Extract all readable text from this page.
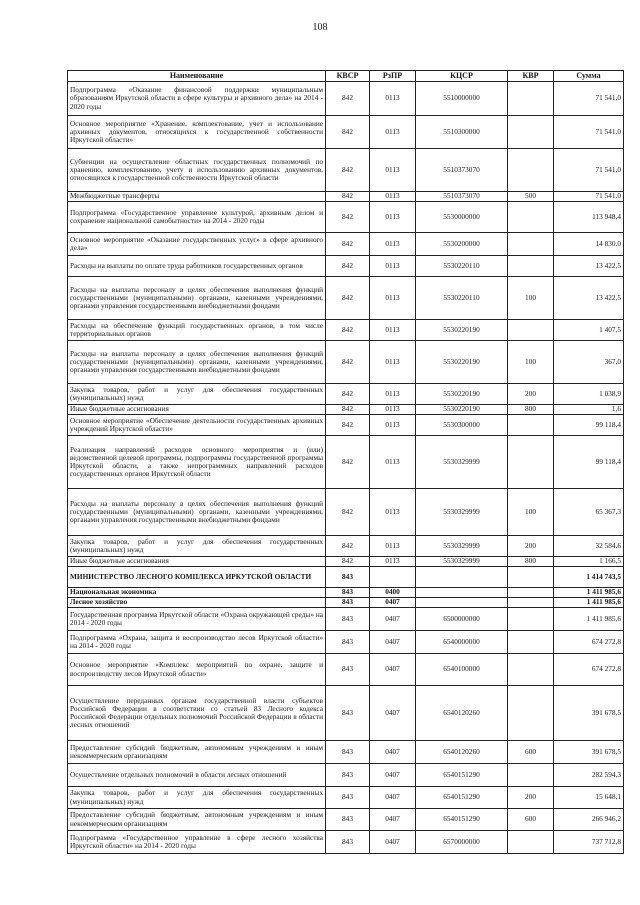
108
Наименование	КВСР	РзПР	КЦСР	КВР	Сумма
Подпрограмма «Оказание финансовой поддержки муниципальным образованиям Иркутской области в сфере культуры и архивного дела» на 2014 - 2020 годы	842	0113	5510000000		71 541,0
Основное мероприятие «Хранение, комплектование, учет и использование архивных документов, относящихся к государственной собственности Иркутской области»	842	0113	5510300000		71 541,0
Субвенции на осуществление областных государственных полномочий по хранению, комплектованию, учету и использованию архивных документов, относящихся к государственной собственности Иркутской области	842	0113	5510373070		71 541,0
Межбюджетные трансферты	842	0113	5510373070	500	71 541,0
Подпрограмма «Государственное управление культурой, архивным делом и сохранение национальной самобытности» на 2014 - 2020 годы	842	0113	5530000000		113 948,4
Основное мероприятие «Оказание государственных услуг» в сфере архивного дела»	842	0113	5530200000		14 830,0
Расходы на выплаты по оплате труда работников государственных органов	842	0113	5530220110		13 422,5
Расходы на выплаты персоналу в целях обеспечения выполнения функций государственными (муниципальными) органами, казенными учреждениями, органами управления государственными внебюджетными фондами	842	0113	5530220110	100	13 422,5
Расходы на обеспечение функций государственных органов, в том числе территориальных органов	842	0113	5530220190		1 407,5
Расходы на выплаты персоналу в целях обеспечения выполнения функций государственными (муниципальными) органами, казенными учреждениями, органами управления государственными внебюджетными фондами	842	0113	5530220190	100	367,0
Закупка товаров, работ и услуг для обеспечения государственных (муниципальных) нужд	842	0113	5530220190	200	1 038,9
Иные бюджетные ассигнования	842	0113	5530220190	800	1,6
Основное мероприятие «Обеспечение деятельности государственных архивных учреждений Иркутской области»	842	0113	5530300000		99 118,4
Реализация направлений расходов основного мероприятия и (или) ведомственной целевой программы, подпрограммы государственной программы Иркутской области, а также непрограммных направлений расходов государственных органов Иркутской области	842	0113	5530329999		99 118,4
Расходы на выплаты персоналу в целях обеспечения выполнения функций государственными (муниципальными) органами, казенными учреждениями, органами управления государственными внебюджетными фондами	842	0113	5530329999	100	65 367,3
Закупка товаров, работ и услуг для обеспечения государственных (муниципальных) нужд	842	0113	5530329999	200	32 584,6
Иные бюджетные ассигнования	842	0113	5530329999	800	1 166,5
МИНИСТЕРСТВО ЛЕСНОГО КОМПЛЕКСА ИРКУТСКОЙ ОБЛАСТИ	843				1 414 743,5
Национальная экономика	843	0400			1 411 985,6
Лесное хозяйство	843	0407			1 411 985,6
Государственная программа Иркутской области «Охрана окружающей среды» на 2014 - 2020 годы	843	0407	6500000000		1 411 985,6
Подпрограмма «Охрана, защита и воспроизводство лесов Иркутской области» на 2014 - 2020 годы	843	0407	6540000000		674 272,8
Основное мероприятие «Комплекс мероприятий по охране, защите и воспроизводству лесов Иркутской области»	843	0407	6540100000		674 272,8
Осуществление переданных органам государственной власти субъектов Российской Федерации в соответствии со статьей 83 Лесного кодекса Российской Федерации отдельных полномочий Российской Федерации в области лесных отношений	843	0407	6540120260		391 678,5
Предоставление субсидий бюджетным, автономным учреждениям и иным некоммерческим организациям	843	0407	6540120260	600	391 678,5
Осуществление отдельных полномочий в области лесных отношений	843	0407	6540151290		282 594,3
Закупка товаров, работ и услуг для обеспечения государственных (муниципальных) нужд	843	0407	6540151290	200	15 648,1
Предоставление субсидий бюджетным, автономным учреждениям и иным некоммерческим организациям	843	0407	6540151290	600	266 946,2
Подпрограмма «Государственное управление в сфере лесного хозяйства Иркутской области» на 2014 - 2020 годы	843	0407	6570000000		737 712,8
